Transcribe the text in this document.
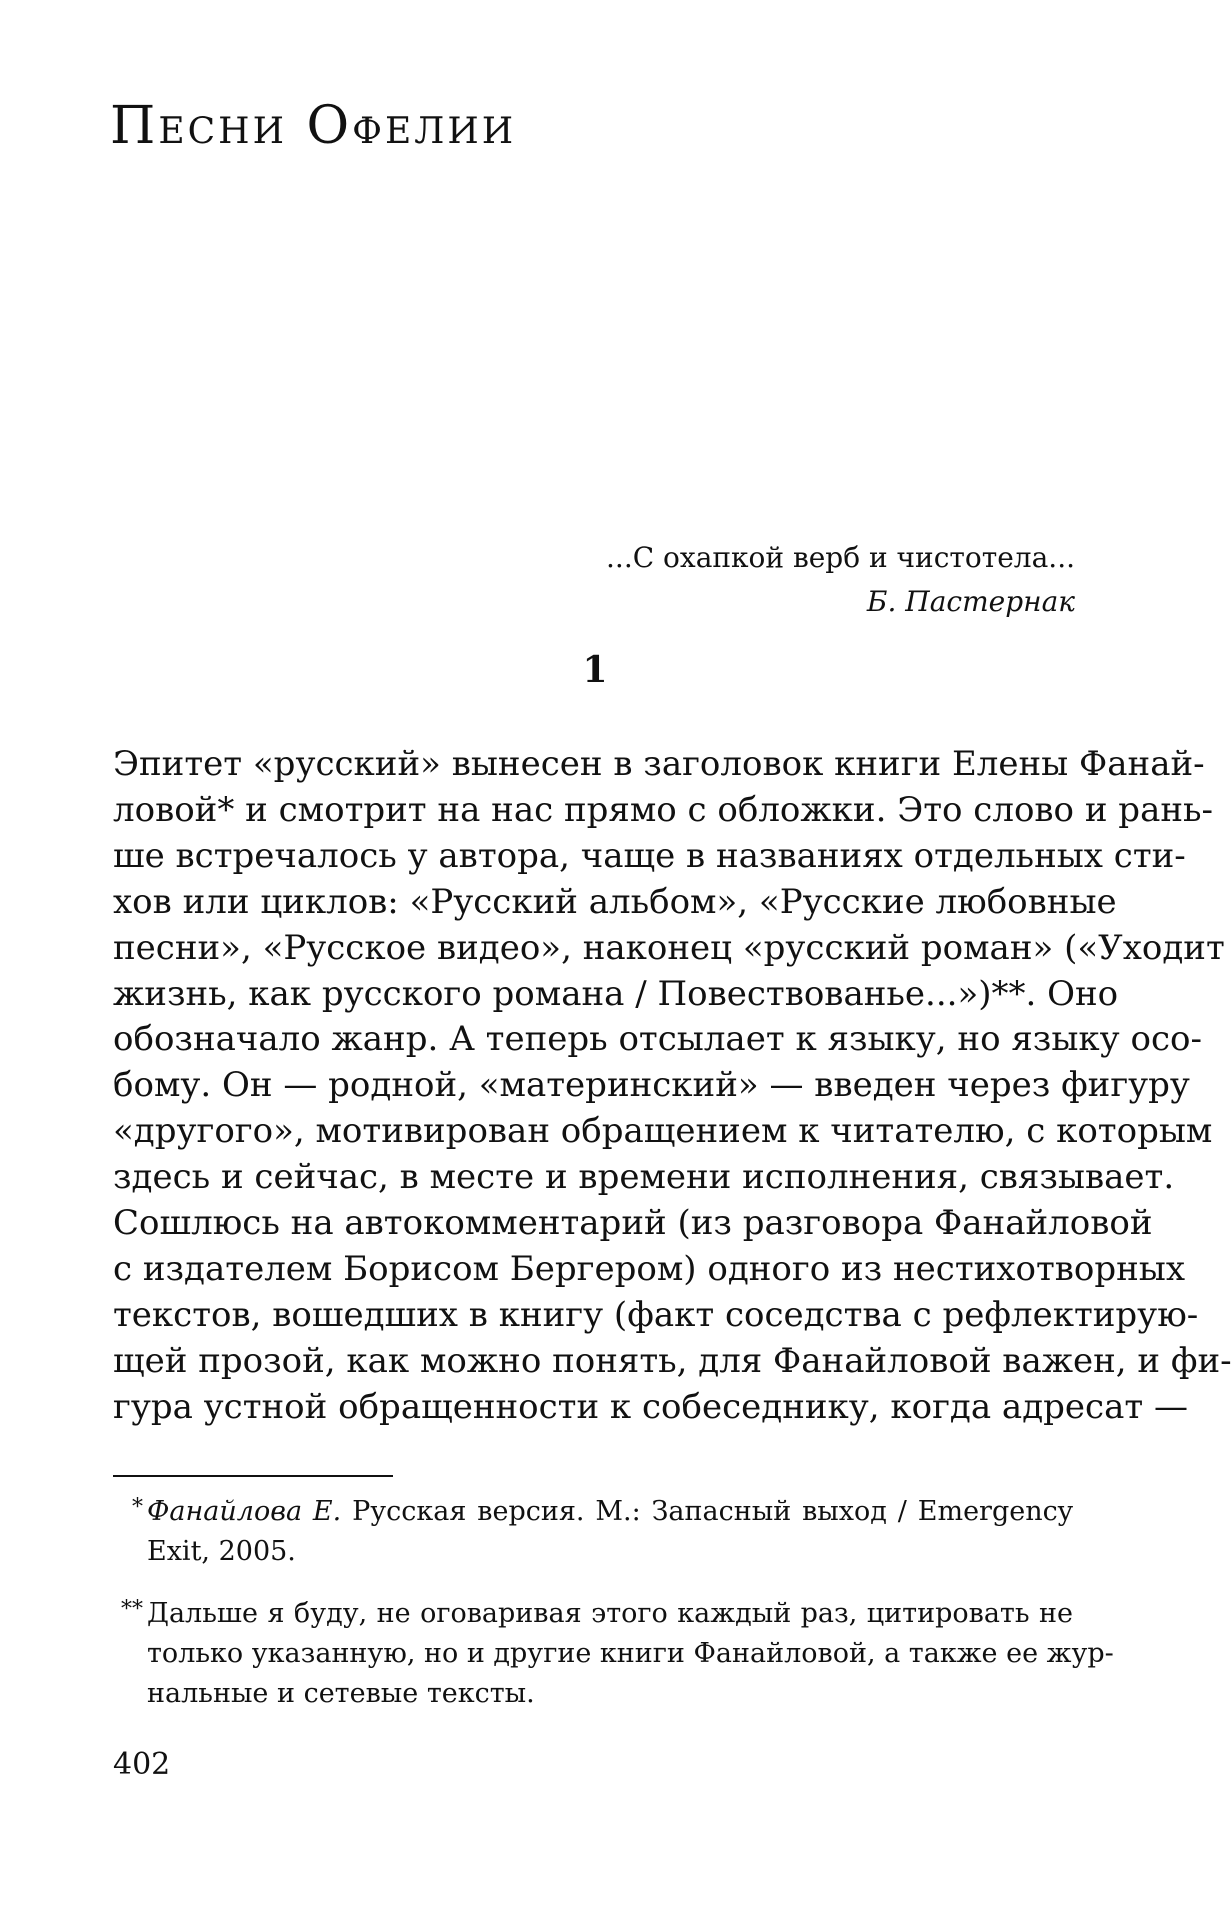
Песни Офелии
...С охапкой верб и чистотела...
Б. Пастернак
1
Эпитет «русский» вынесен в заголовок книги Елены Фанай-
ловой* и смотрит на нас прямо с обложки. Это слово и рань-
ше встречалось у автора, чаще в названиях отдельных сти-
хов или циклов: «Русский альбом», «Русские любовные
песни», «Русское видео», наконец «русский роман» («Уходит
жизнь, как русского романа / Повествованье...»)**. Оно
обозначало жанр. А теперь отсылает к языку, но языку осо-
бому. Он — родной, «материнский» — введен через фигуру
«другого», мотивирован обращением к читателю, с которым
здесь и сейчас, в месте и времени исполнения, связывает.
Сошлюсь на автокомментарий (из разговора Фанайловой
с издателем Борисом Бергером) одного из нестихотворных
текстов, вошедших в книгу (факт соседства с рефлектирую-
щей прозой, как можно понять, для Фанайловой важен, и фи-
гура устной обращенности к собеседнику, когда адресат —
* Фанайлова Е. Русская версия. М.: Запасный выход / Emergency
Exit, 2005.
** Дальше я буду, не оговаривая этого каждый раз, цитировать не
только указанную, но и другие книги Фанайловой, а также ее жур-
нальные и сетевые тексты.
402
